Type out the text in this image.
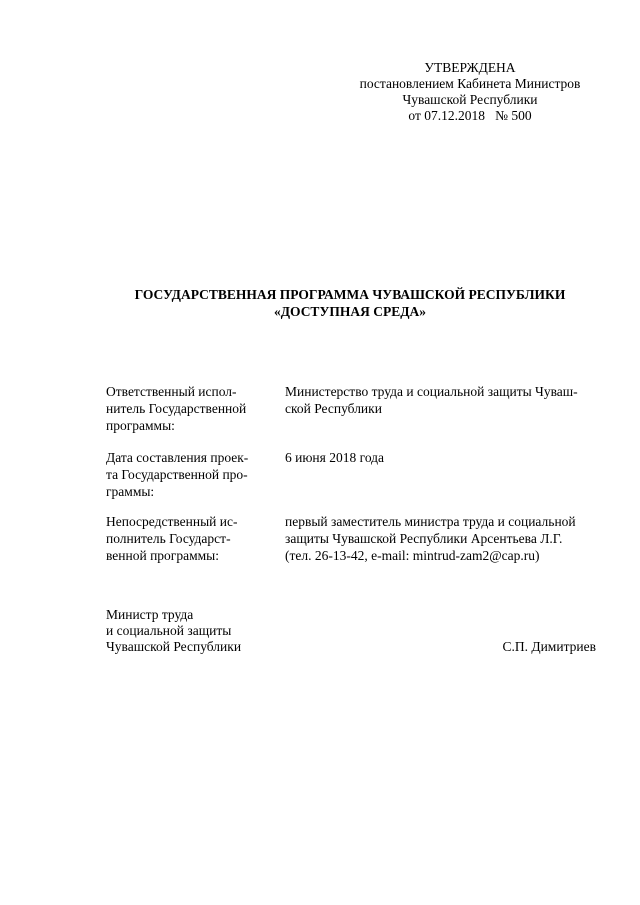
УТВЕРЖДЕНА
постановлением Кабинета Министров
Чувашской Республики
от 07.12.2018   № 500
ГОСУДАРСТВЕННАЯ ПРОГРАММА ЧУВАШСКОЙ РЕСПУБЛИКИ
«ДОСТУПНАЯ СРЕДА»
Ответственный испол-
нитель Государственной
программы:
Министерство труда и социальной защиты Чуваш-
ской Республики
Дата составления проек-
та Государственной про-
граммы:
6 июня 2018 года
Непосредственный ис-
полнитель Государст-
венной программы:
первый заместитель министра труда и социальной
защиты Чувашской Республики Арсентьева Л.Г.
(тел. 26-13-42, e-mail: mintrud-zam2@cap.ru)
Министр труда
и социальной защиты
Чувашской Республики	С.П. Димитриев
